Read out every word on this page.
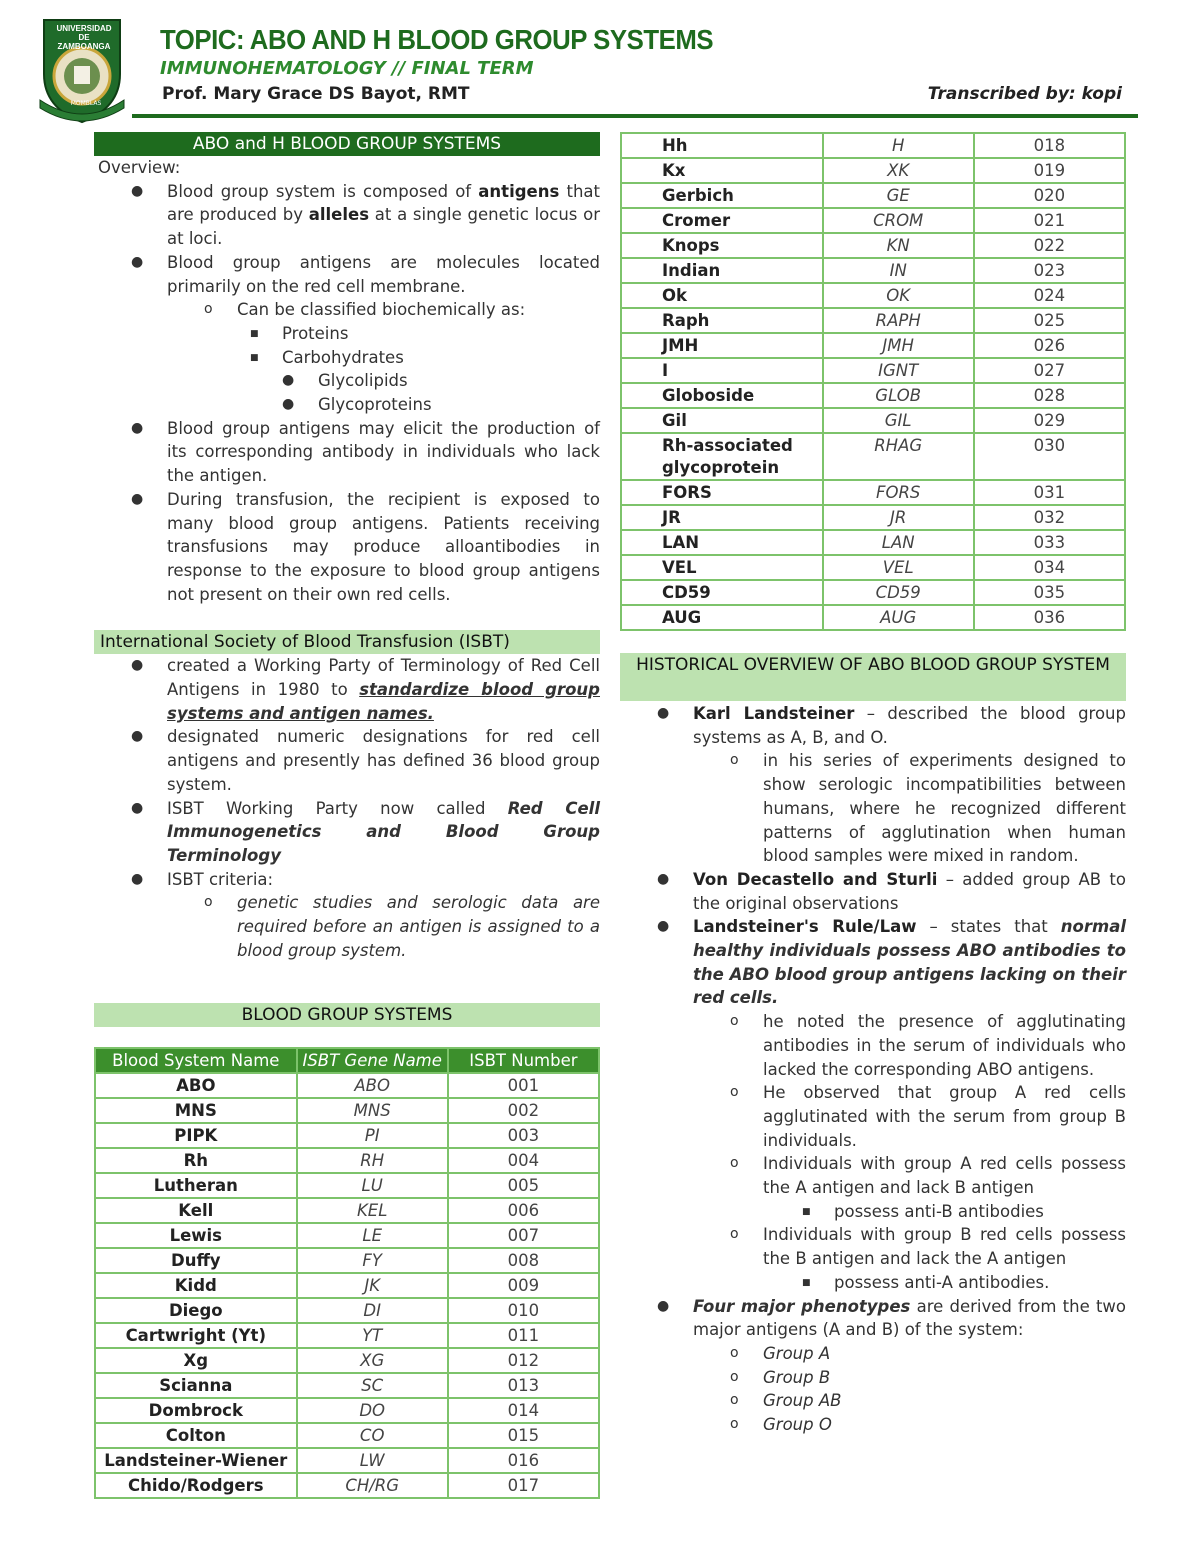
UNIVERSIDAD DE ZAMBOANGA
MOMBLAS
TOPIC: ABO AND H BLOOD GROUP SYSTEMS
IMMUNOHEMATOLOGY // FINAL TERM
Prof. Mary Grace DS Bayot, RMT	Transcribed by: kopi
ABO and H BLOOD GROUP SYSTEMS
Overview:
● Blood group system is composed of antigens that are produced by alleles at a single genetic locus or at loci.
● Blood group antigens are molecules located primarily on the red cell membrane.
o Can be classified biochemically as:
■ Proteins
■ Carbohydrates
● Glycolipids
● Glycoproteins
● Blood group antigens may elicit the production of its corresponding antibody in individuals who lack the antigen.
● During transfusion, the recipient is exposed to many blood group antigens. Patients receiving transfusions may produce alloantibodies in response to the exposure to blood group antigens not present on their own red cells.
International Society of Blood Transfusion (ISBT)
● created a Working Party of Terminology of Red Cell Antigens in 1980 to standardize blood group systems and antigen names.
● designated numeric designations for red cell antigens and presently has defined 36 blood group system.
● ISBT Working Party now called Red Cell Immunogenetics and Blood Group Terminology
● ISBT criteria:
o genetic studies and serologic data are required before an antigen is assigned to a blood group system.
BLOOD GROUP SYSTEMS
Blood System Name	ISBT Gene Name	ISBT Number
ABO	ABO	001
MNS	MNS	002
PIPK	PI	003
Rh	RH	004
Lutheran	LU	005
Kell	KEL	006
Lewis	LE	007
Duffy	FY	008
Kidd	JK	009
Diego	DI	010
Cartwright (Yt)	YT	011
Xg	XG	012
Scianna	SC	013
Dombrock	DO	014
Colton	CO	015
Landsteiner-Wiener	LW	016
Chido/Rodgers	CH/RG	017
Hh	H	018
Kx	XK	019
Gerbich	GE	020
Cromer	CROM	021
Knops	KN	022
Indian	IN	023
Ok	OK	024
Raph	RAPH	025
JMH	JMH	026
I	IGNT	027
Globoside	GLOB	028
Gil	GIL	029
Rh-associated glycoprotein	RHAG	030
FORS	FORS	031
JR	JR	032
LAN	LAN	033
VEL	VEL	034
CD59	CD59	035
AUG	AUG	036
HISTORICAL OVERVIEW OF ABO BLOOD GROUP SYSTEM
● Karl Landsteiner – described the blood group systems as A, B, and O.
o in his series of experiments designed to show serologic incompatibilities between humans, where he recognized different patterns of agglutination when human blood samples were mixed in random.
● Von Decastello and Sturli – added group AB to the original observations
● Landsteiner's Rule/Law – states that normal healthy individuals possess ABO antibodies to the ABO blood group antigens lacking on their red cells.
o he noted the presence of agglutinating antibodies in the serum of individuals who lacked the corresponding ABO antigens.
o He observed that group A red cells agglutinated with the serum from group B individuals.
o Individuals with group A red cells possess the A antigen and lack B antigen
■ possess anti-B antibodies
o Individuals with group B red cells possess the B antigen and lack the A antigen
■ possess anti-A antibodies.
● Four major phenotypes are derived from the two major antigens (A and B) of the system:
o Group A
o Group B
o Group AB
o Group O
